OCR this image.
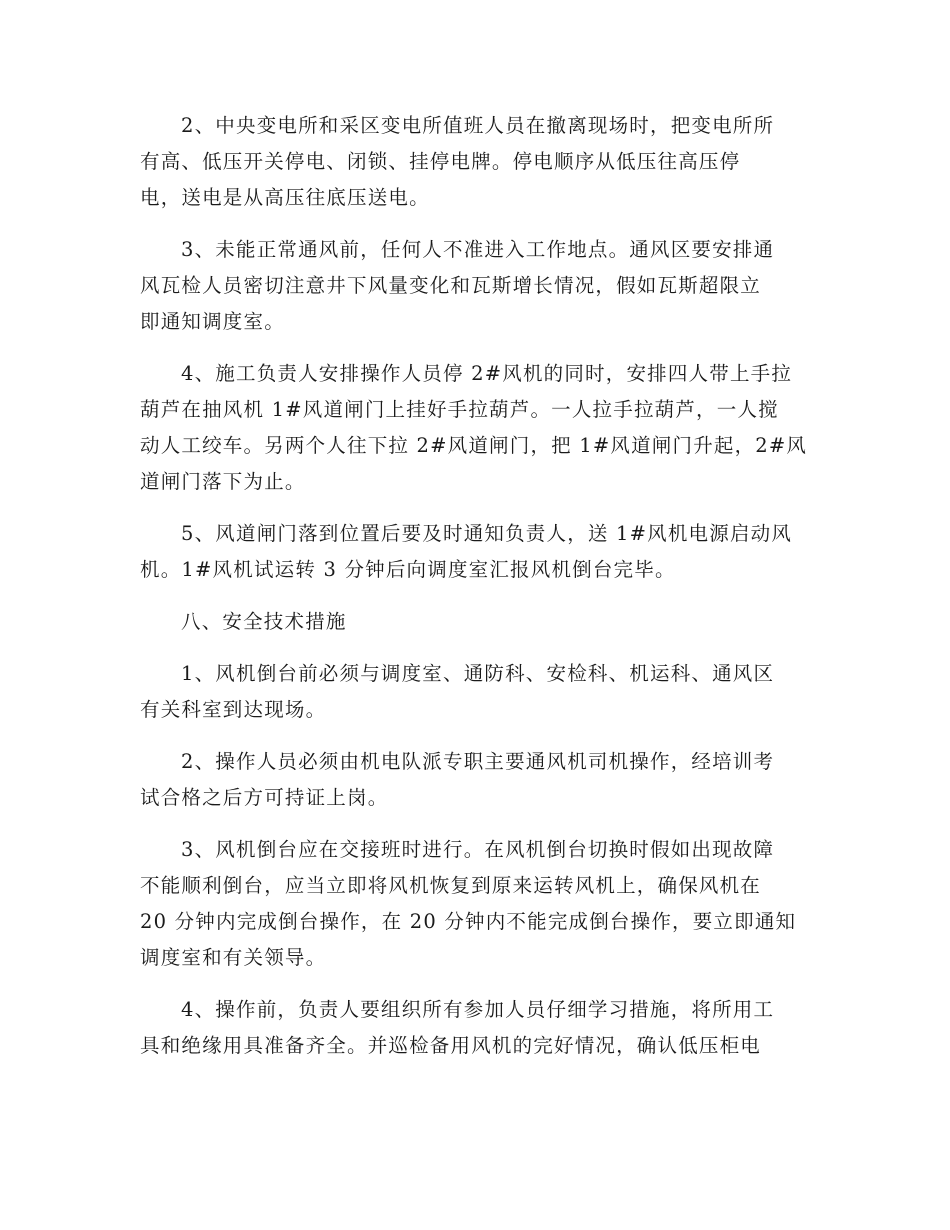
2、中央变电所和采区变电所值班人员在撤离现场时，把变电所所
有高、低压开关停电、闭锁、挂停电牌。停电顺序从低压往高压停
电，送电是从高压往底压送电。

3、未能正常通风前，任何人不准进入工作地点。通风区要安排通
风瓦检人员密切注意井下风量变化和瓦斯增长情况，假如瓦斯超限立
即通知调度室。

4、施工负责人安排操作人员停 2#风机的同时，安排四人带上手拉
葫芦在抽风机 1#风道闸门上挂好手拉葫芦。一人拉手拉葫芦，一人搅
动人工绞车。另两个人往下拉 2#风道闸门，把 1#风道闸门升起，2#风
道闸门落下为止。

5、风道闸门落到位置后要及时通知负责人，送 1#风机电源启动风
机。1#风机试运转 3 分钟后向调度室汇报风机倒台完毕。

八、安全技术措施

1、风机倒台前必须与调度室、通防科、安检科、机运科、通风区
有关科室到达现场。

2、操作人员必须由机电队派专职主要通风机司机操作，经培训考
试合格之后方可持证上岗。

3、风机倒台应在交接班时进行。在风机倒台切换时假如出现故障
不能顺利倒台，应当立即将风机恢复到原来运转风机上，确保风机在
20 分钟内完成倒台操作，在 20 分钟内不能完成倒台操作，要立即通知
调度室和有关领导。

4、操作前，负责人要组织所有参加人员仔细学习措施，将所用工
具和绝缘用具准备齐全。并巡检备用风机的完好情况，确认低压柜电
